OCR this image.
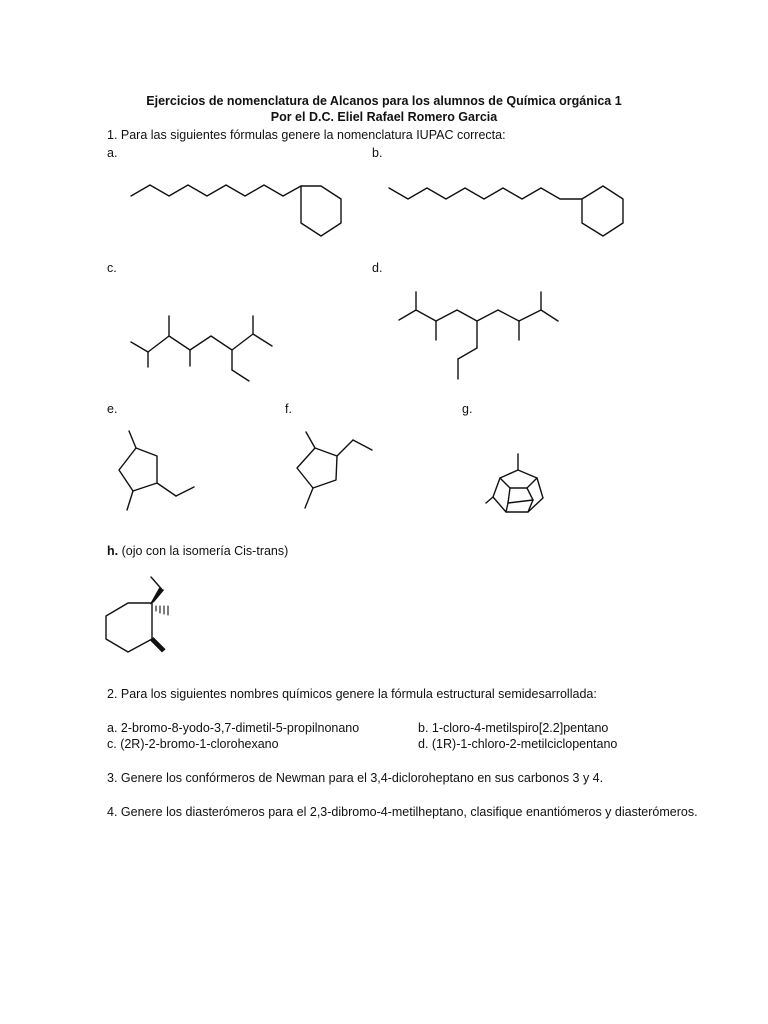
Ejercicios de nomenclatura de Alcanos para los alumnos de Química orgánica 1
Por el D.C. Eliel Rafael Romero Garcia
1. Para las siguientes fórmulas genere la nomenclatura IUPAC correcta:
a.	b.
c.	d.
e.	f.	g.
h. (ojo con la isomería Cis-trans)
2. Para los siguientes nombres químicos genere la fórmula estructural semidesarrollada:
a. 2-bromo-8-yodo-3,7-dimetil-5-propilnonano	b. 1-cloro-4-metilspiro[2.2]pentano
c. (2R)-2-bromo-1-clorohexano	d. (1R)-1-chloro-2-metilciclopentano
3. Genere los confórmeros de Newman para el 3,4-dicloroheptano en sus carbonos 3 y 4.
4. Genere los diasterómeros para el 2,3-dibromo-4-metilheptano, clasifique enantiómeros y diasterómeros.
